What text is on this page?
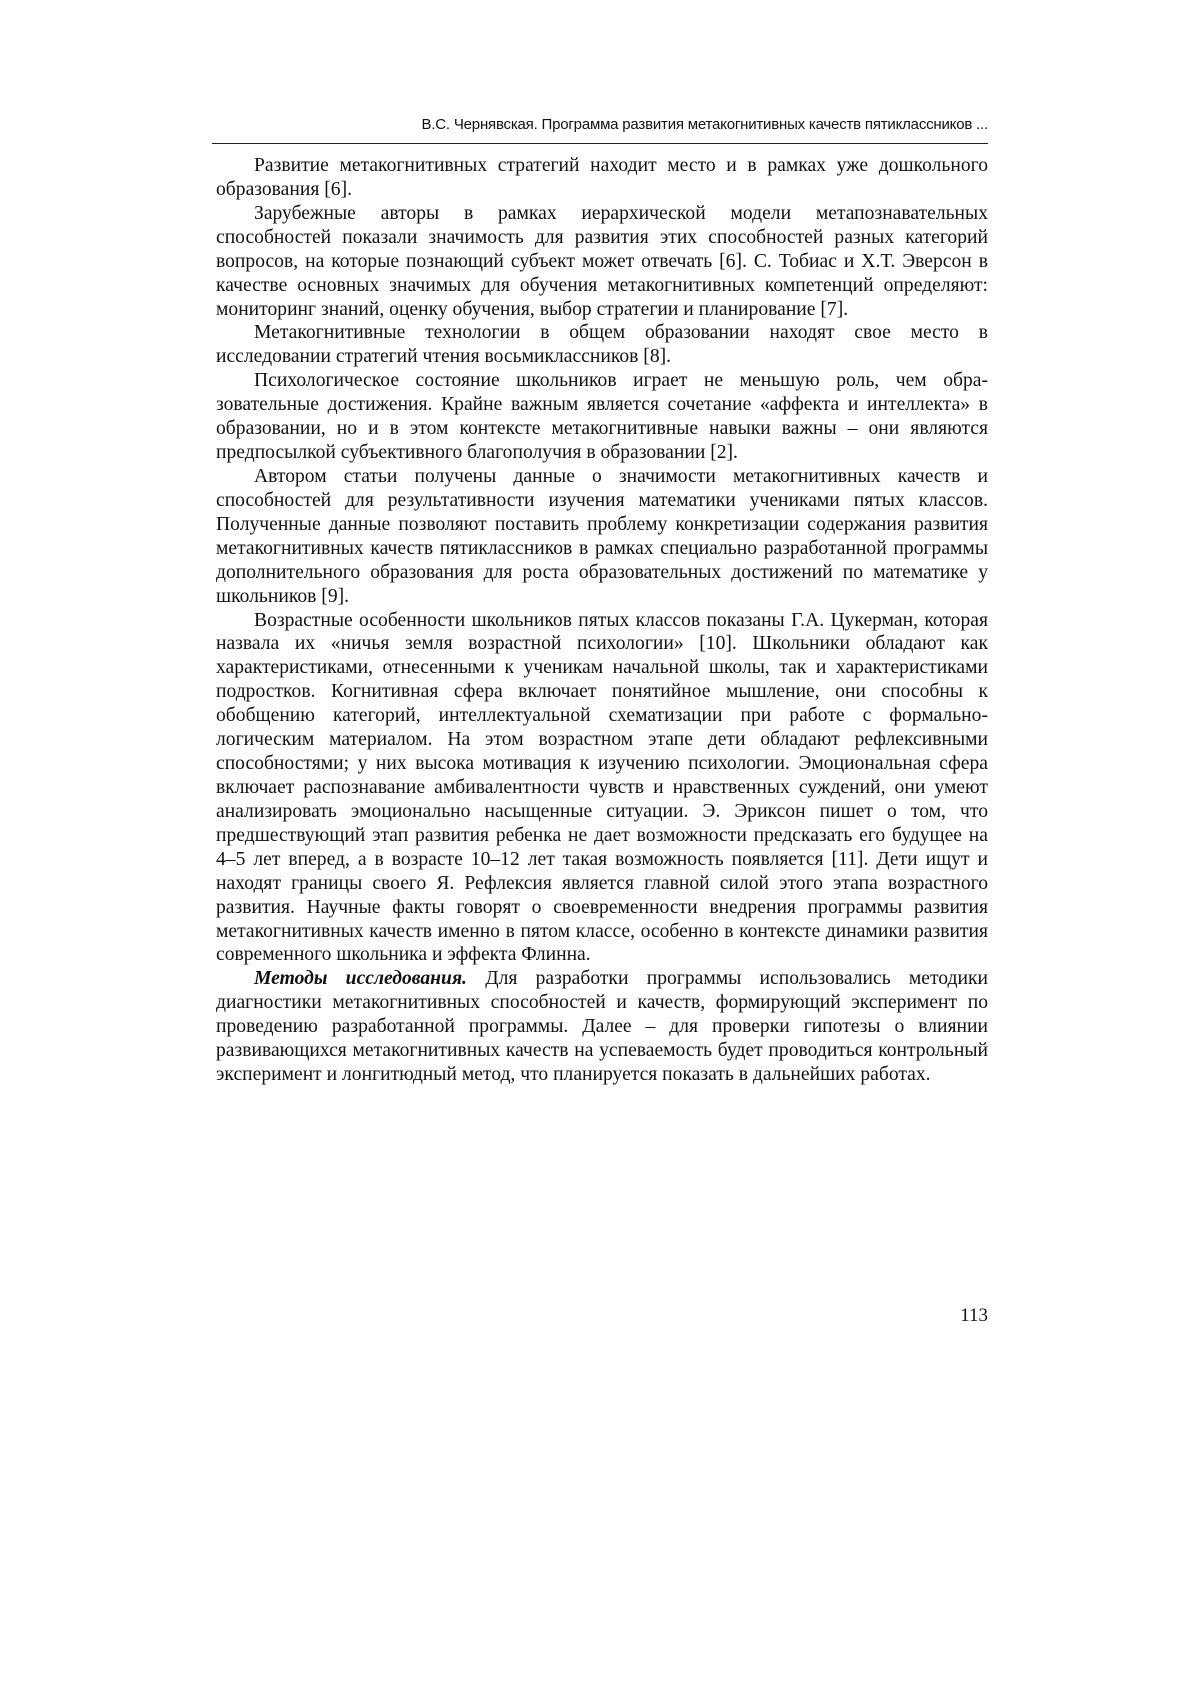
В.С. Чернявская. Программа развития метакогнитивных качеств пятиклассников ...

Развитие метакогнитивных стратегий находит место и в рамках уже дошкольного образования [6].

Зарубежные авторы в рамках иерархической модели метапознавательных способностей показали значимость для развития этих способностей разных категорий вопросов, на которые познающий субъект может отвечать [6]. С. Тобиас и Х.Т. Эверсон в качестве основных значимых для обучения метакогнитивных компетенций определяют: мониторинг знаний, оценку обучения, выбор стратегии и планирование [7].

Метакогнитивные технологии в общем образовании находят свое место в исследовании стратегий чтения восьмиклассников [8].

Психологическое состояние школьников играет не меньшую роль, чем образовательные достижения. Крайне важным является сочетание «аффекта и интеллекта» в образовании, но и в этом контексте метакогнитивные навыки важны – они являются предпосылкой субъективного благополучия в образовании [2].

Автором статьи получены данные о значимости метакогнитивных качеств и способностей для результативности изучения математики учениками пятых классов. Полученные данные позволяют поставить проблему конкретизации содержания развития метакогнитивных качеств пятиклассников в рамках специально разработанной программы дополнительного образования для роста образовательных достижений по математике у школьников [9].

Возрастные особенности школьников пятых классов показаны Г.А. Цукерман, которая назвала их «ничья земля возрастной психологии» [10]. Школьники обладают как характеристиками, отнесенными к ученикам начальной школы, так и характеристиками подростков. Когнитивная сфера включает понятийное мышление, они способны к обобщению категорий, интеллектуальной схематизации при работе с формально-логическим материалом. На этом возрастном этапе дети обладают рефлексивными способностями; у них высока мотивация к изучению психологии. Эмоциональная сфера включает распознавание амбивалентности чувств и нравственных суждений, они умеют анализировать эмоционально насыщенные ситуации. Э. Эриксон пишет о том, что предшествующий этап развития ребенка не дает возможности предсказать его будущее на 4–5 лет вперед, а в возрасте 10–12 лет такая возможность появляется [11]. Дети ищут и находят границы своего Я. Рефлексия является главной силой этого этапа возрастного развития. Научные факты говорят о своевременности внедрения программы развития метакогнитивных качеств именно в пятом классе, особенно в контексте динамики развития современного школьника и эффекта Флинна.

Методы исследования. Для разработки программы использовались методики диагностики метакогнитивных способностей и качеств, формирующий эксперимент по проведению разработанной программы. Далее – для проверки гипотезы о влиянии развивающихся метакогнитивных качеств на успеваемость будет проводиться контрольный эксперимент и лонгитюдный метод, что планируется показать в дальнейших работах.

113
